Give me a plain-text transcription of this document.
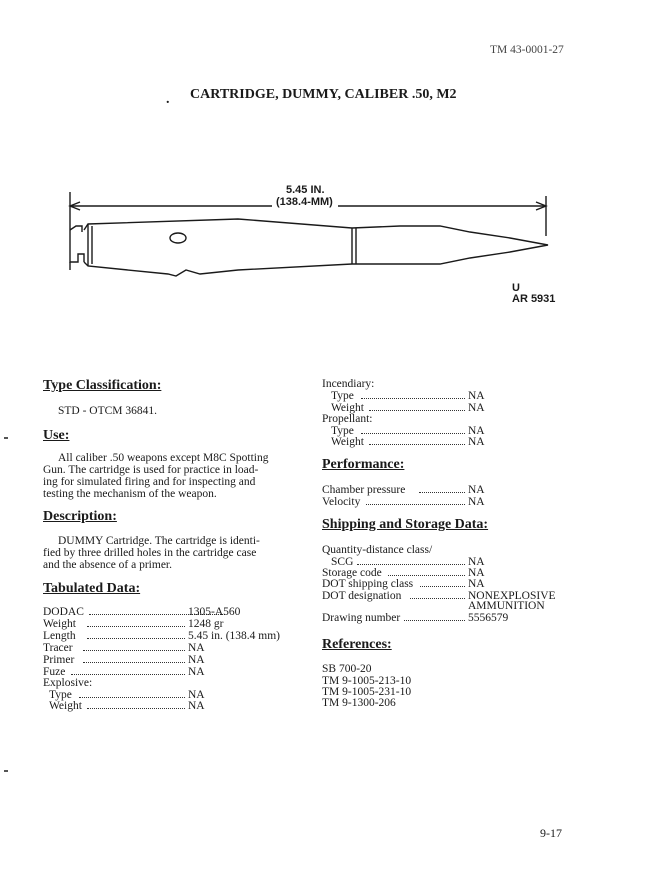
TM 43-0001-27
. CARTRIDGE, DUMMY, CALIBER .50, M2
5.45 IN.
(138.4-MM)
U
AR 5931
Type Classification:
STD - OTCM 36841.
Use:
All caliber .50 weapons except M8C Spotting
Gun. The cartridge is used for practice in load-
ing for simulated firing and for inspecting and
testing the mechanism of the weapon.
Description:
DUMMY Cartridge. The cartridge is identi-
fied by three drilled holes in the cartridge case
and the absence of a primer.
Tabulated Data:
DODAC	1305-A560
Weight	1248 gr
Length	5.45 in. (138.4 mm)
Tracer	NA
Primer	NA
Fuze	NA
Explosive:
Type	NA
Weight	NA
Incendiary:
Type	NA
Weight	NA
Propellant:
Type	NA
Weight	NA
Performance:
Chamber pressure	NA
Velocity	NA
Shipping and Storage Data:
Quantity-distance class/
SCG	NA
Storage code	NA
DOT shipping class	NA
DOT designation	NONEXPLOSIVE
AMMUNITION
Drawing number	5556579
References:
SB 700-20
TM 9-1005-213-10
TM 9-1005-231-10
TM 9-1300-206
9-17
